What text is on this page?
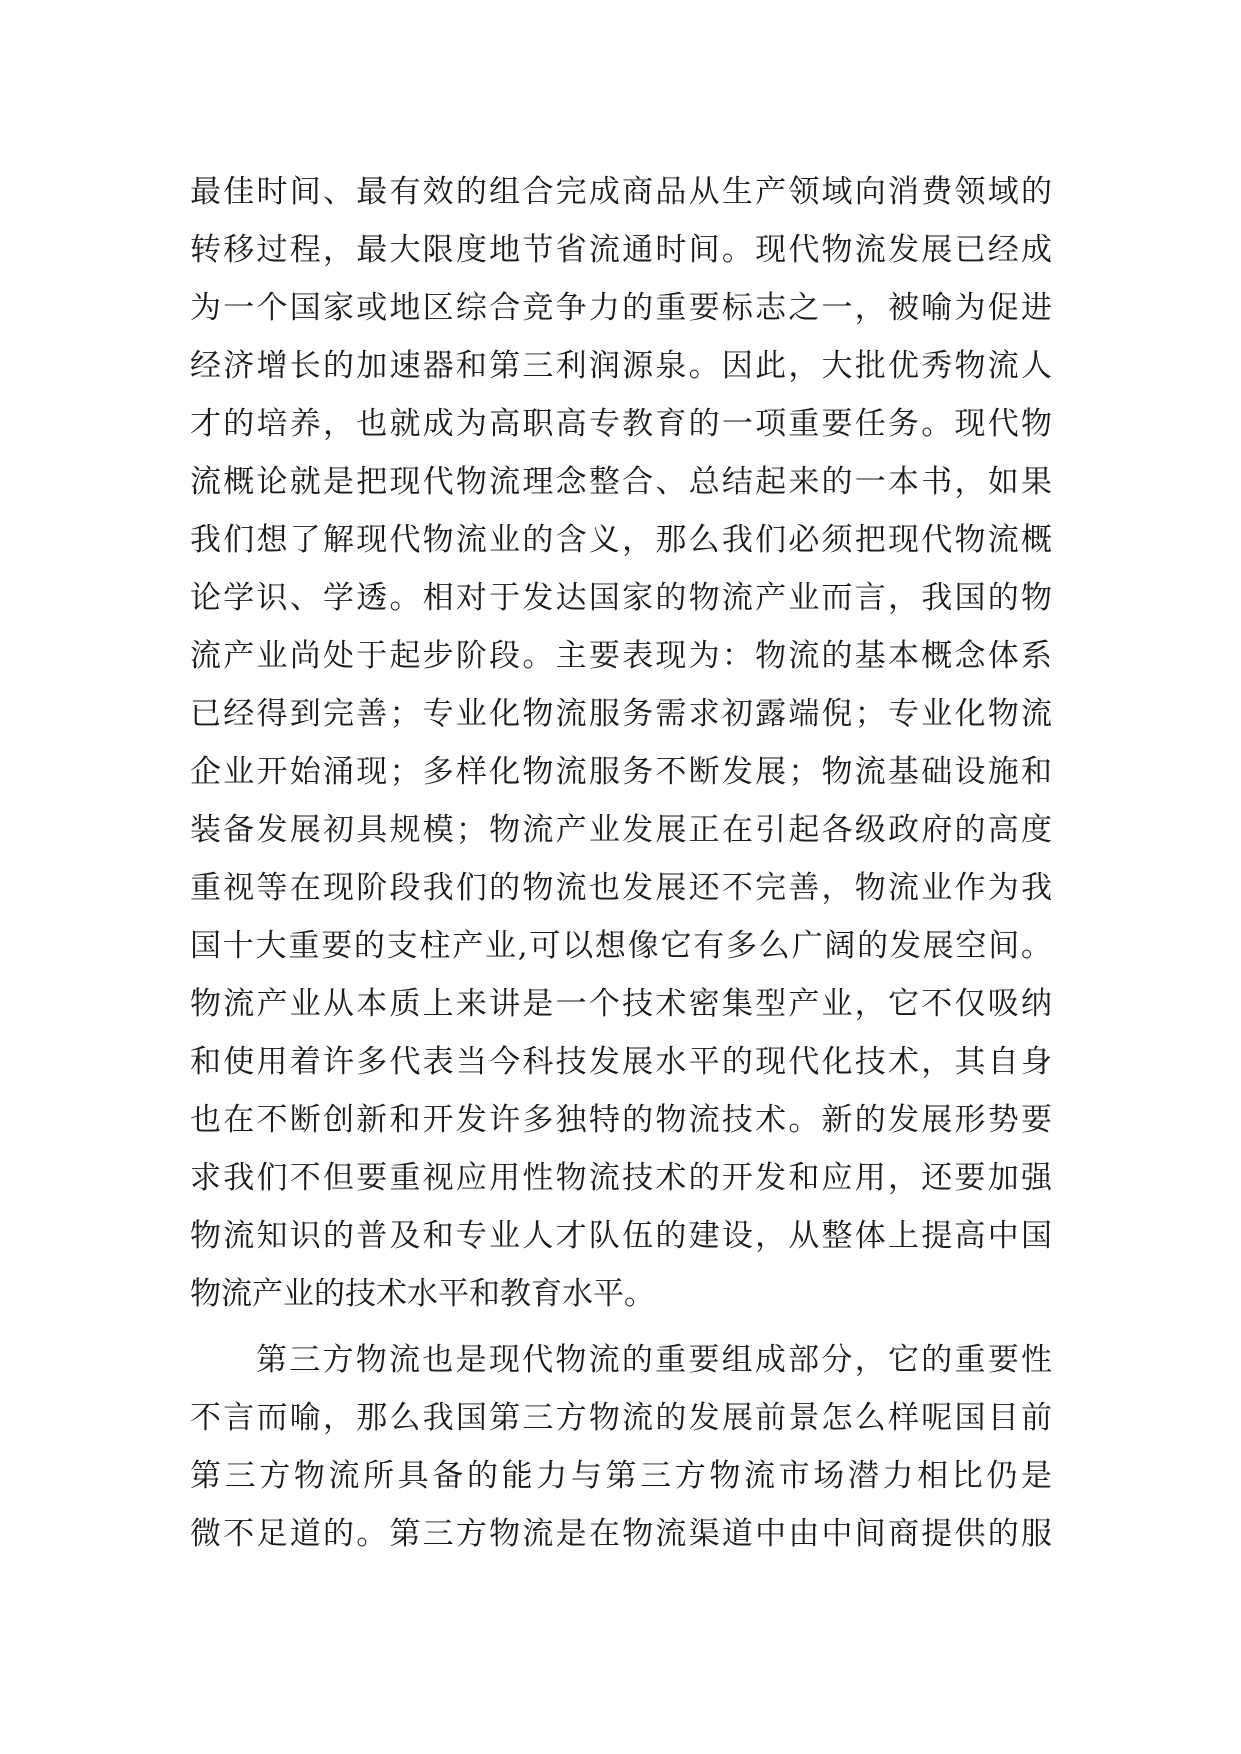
最佳时间、最有效的组合完成商品从生产领域向消费领域的
转移过程，最大限度地节省流通时间。现代物流发展已经成
为一个国家或地区综合竞争力的重要标志之一，被喻为促进
经济增长的加速器和第三利润源泉。因此，大批优秀物流人
才的培养，也就成为高职高专教育的一项重要任务。现代物
流概论就是把现代物流理念整合、总结起来的一本书，如果
我们想了解现代物流业的含义，那么我们必须把现代物流概
论学识、学透。相对于发达国家的物流产业而言，我国的物
流产业尚处于起步阶段。主要表现为：物流的基本概念体系
已经得到完善；专业化物流服务需求初露端倪；专业化物流
企业开始涌现；多样化物流服务不断发展；物流基础设施和
装备发展初具规模；物流产业发展正在引起各级政府的高度
重视等在现阶段我们的物流也发展还不完善，物流业作为我
国十大重要的支柱产业,可以想像它有多么广阔的发展空间。
物流产业从本质上来讲是一个技术密集型产业，它不仅吸纳
和使用着许多代表当今科技发展水平的现代化技术，其自身
也在不断创新和开发许多独特的物流技术。新的发展形势要
求我们不但要重视应用性物流技术的开发和应用，还要加强
物流知识的普及和专业人才队伍的建设，从整体上提高中国
物流产业的技术水平和教育水平。
第三方物流也是现代物流的重要组成部分，它的重要性
不言而喻，那么我国第三方物流的发展前景怎么样呢国目前
第三方物流所具备的能力与第三方物流市场潜力相比仍是
微不足道的。第三方物流是在物流渠道中由中间商提供的服
